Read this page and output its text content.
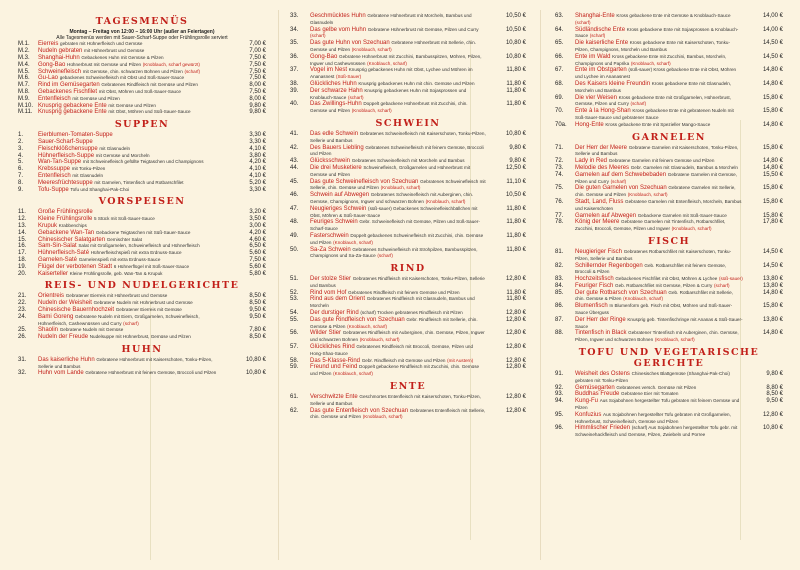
TAGESMENÜS
Montag – Freitag von 12:00 – 16:00 Uhr (außer an Feiertagen)
Alle Tagesmenüs werden mit Sauer-Scharf-Suppe oder Frühlingsrolle serviert
M.1.	Eierreis gebraten mit Hühnerfleisch und Gemüse	7,00 €
M.2.	Nudeln gebraten mit Hühnerbrust und Gemüse	7,00 €
M.3.	Shanghai-Huhn Gebackenes Huhn mit Gemüse & Pilzen	7,50 €
M.4.	Gong-Bao Hühnerbrust mit Gemüse und Pilzen (Knoblauch, scharf gewürzt)	7,50 €
M.5.	Schweinefleisch mit Gemüse, chin. schwarzen Bohnen und Pilzen (scharf)	7,50 €
M.6.	Gu-Lao gebackenes Schweinefleisch mit Obst und Süß-Sauer-Sauce	7,50 €
M.7.	Rind im Gemüsegarten Gebratenes Rindfleisch mit Gemüse und Pilzen	8,00 €
M.8.	Gebackenes Fischfilet mit Obst, Möhren und Süß-Sauer-Sauce	7,50 €
M.9.	Entenfleisch mit Gemüse und Pilzen	8,00 €
M.10. Knusprig gebackene Ente mit Gemüse und Pilzen	9,80 €
M.11. Knusprig gebackene Ente mit Obst, Möhren und Süß-Sauer-Sauce	9,80 €
SUPPEN
1.	Eierblumen-Tomaten-Suppe	3,30 €
2.	Sauer-Scharf-Suppe	3,30 €
3.	Fleischklößchensuppe mit Glasnudeln	4,10 €
4.	Hühnerfleisch-Suppe mit Gemüse und Morcheln	3,80 €
5.	Wan-Tan-Suppe mit Schweinefleisch gefüllte Teigtaschen und Champignons	4,20 €
6.	Krebssuppe mit Tonku-Pilzen	4,10 €
7.	Entenfleisch mit Glasnudeln	4,10 €
8.	Meeresfrüchtesuppe mit Garnelen, Tintenfisch und Rotbarschfilet	5,20 €
9.	Tofu-Suppe Tofu und Shanghai-Pak-Choi	3,30 €
VORSPEISEN
11.	Große Frühlingsrolle	3,20 €
12.	Kleine Frühlingsrolle 5 Stück mit Süß-Sauer-Sauce	3,50 €
13.	Krupuk Krabbenchips	3,00 €
14.	Gebackene Wan-Tan Gebackene Teigtaschen mit Süß-Sauer-Sauce	4,20 €
15.	Chinesischer Salatgarten Gemischter Salat	4,60 €
16.	Sam-Sin-Salat Salat mit Großgarnelen, Schweinefleisch und Hühnerfleisch	6,50 €
17.	Hühnerfleisch-Saté Hühnerfleischspieß mit extra Erdnuss-Sauce	5,60 €
18.	Garnelen-Saté Garnelenspieß mit extra Erdnuss-Sauce	7,50 €
19.	Flügel der verbotenen Stadt 6 Hühnerflügel mit Süß-Sauer-Sauce	5,60 €
20.	Kaiserteller Kleine Frühlingsrolle, geb. Wan-Tan & Krupuk	5,80 €
REIS- UND NUDELGERICHTE
21.	Orientreis Gebratener Eierreis mit Hühnerbrust und Gemüse	8,50 €
22.	Nudeln der Weisheit Gebratene Nudeln mit Hühnerbrust und Gemüse	8,50 €
23.	Chinesische Bauernhochzeit Gebratener Eierreis mit Gemüse	9,50 €
24.	Bami Goreng Gebratene Nudeln mit Eiern, Großgarnelen, Schweinefleisch, Hühnerfleisch, Cashewnüssen und Curry (scharf)
9,50 €
25.	Shaolin Gebratene Nudeln mit Gemüse	7,80 €
26.	Nudeln der Freude Nudelsuppe mit Hühnerbrust, Gemüse und Pilzen	8,50 €
HUHN
31.	Das kaiserliche Huhn Gebratene Hühnerbrust mit Kaiserschoten, Tonku-Pilzen, Sellerie und Bambus
10,80 €
32.	Huhn vom Lande Gebratene Hühnerbrust mit feinem Gemüse, Broccoli und Pilzen	10,80 €
33.	Geschmücktes Huhn Gebratene Hühnerbrust mit Morcheln, Bambus und Glasnudeln
10,50 €
34.	Das gelbe vom Huhn Gebratene Hühnerbrust mit Gemüse, Pilzen und Curry (scharf)
10,50 €
35.	Das gute Huhn von Szechuan Gebratene Hühnerbrust mit Sellerie, chin. Gemüse und Pilzen (Knoblauch, scharf)
10,80 €
36.	Gong-Bao Gebratene Hühnerbrust mit Zucchini, Bambusspitzen, Möhren, Pilzen, Ingwer und Cashewnüssen (Knoblauch, scharf)
10,80 €
37.	Vogel im Nest Knusprig gebackenes Huhn mit Obst, Lychee und Möhren im Ananasnest (Süß-Sauer)
11,80 €
38.	Glückliches Huhn Knusprig gebackenes Huhn mit chin. Gemüse und Pilzen	11,80 €
39.	Der schwarze Hahn Knusprig gebackenes Huhn mit Sojasprossen und Knoblauch-Sauce (scharf)
11,80 €
40.	Das Zwillings-Huhn Doppelt gebackene Hühnerbrust mit Zucchini, chin. Gemüse und Pilzen (Knoblauch, scharf)
11,80 €
SCHWEIN
41.	Das edle Schwein Gebratenes Schweinefleisch mit Kaiserschoten, Tonku-Pilzen, Sellerie und Bambus
10,80 €
42.	Des Bauers Liebling Gebratenes Schweinefleisch mit feinem Gemüse, Broccoli und Pilzen
9,80 €
43.	Glücksschwein Gebratenes Schweinefleisch mit Morcheln und Bambus	9,80 €
44.	Die drei Musketiere Schweinefleisch, Großgarnelen und Hühnerbrust mit Gemüse und Pilzen
12,50 €
45.	Das gute Schweinefleisch von Szechuan Gebratenes Schweinefleisch mit Sellerie, chin. Gemüse und Pilzen (Knoblauch, scharf)
11,10 €
46.	Schwein auf Abwegen Gebratenes Schweinefleisch mit Auberginen, chin. Gemüse, Champignons, Ingwer und schwarzen Bohnen (Knoblauch, scharf)
10,50 €
47.	Neugieriges Schwein (süß-sauer) Gebackenes Schweinefleischbällchen mit Obst, Möhren & Süß-Sauer-Sauce
11,80 €
48.	Feuriges Schwein Gebr. Schweinefleisch mit Gemüse, Pilzen und Süß-Sauer-Scharf-Sauce
11,80 €
49.	Fasterschwein Doppelt gebackenes Schweinefleisch mit Zucchini, chin. Gemüse und Pilzen (Knoblauch, scharf)
11,80 €
50.	Sa-Za Schwein Gebratenes Schweinefleisch mit Strohpilzen, Bambusspitzen, Champignons und Sa-Za-Sauce (scharf)
11,80 €
RIND
51.	Der stolze Stier Gebratenes Rindfleisch mit Kaiserschoten, Tonku-Pilzen, Sellerie und Bambus
12,80 €
52.	Rind vom Hof Gebratenes Rindfleisch mit feinem Gemüse und Pilzen	11,80 €
53.	Rind aus dem Orient Gebratenes Rindfleisch mit Glasnudeln, Bambus und Morcheln
11,80 €
54.	Der durstiger Rind (scharf) Trocken gebratenes Rindfleisch mit Pilzen	12,80 €
55.	Das gute Rindfleisch von Szechuan Gebr. Rindfleisch mit Sellerie, chin. Gemüse & Pilzen (Knoblauch, scharf)
12,80 €
56.	Wilder Stier Gebratenes Rindfleisch mit Auberginen, chin. Gemüse, Pilzen, Ingwer und schwarzen Bohnen (Knoblauch, scharf)
12,80 €
57.	Glückliches Rind Gebratenes Rindfleisch mit Broccoli, Gemüse, Pilzen und Hong-Shao-Sauce
12,80 €
58.	Das 5-Klasse-Rind Gebr. Rindfleisch mit Gemüse und Pilzen (mit Austern)	12,80 €
59.	Freund und Feind Doppelt gebackene Rindfleisch mit Zucchini, chin. Gemüse und Pilzen (Knoblauch, scharf)
12,80 €
ENTE
61.	Verschwitzte Ente Geschmortes Entenfleisch mit Kaiserschoten, Tonku-Pilzen, Sellerie und Bambus
12,80 €
62.	Das gute Entenfleisch von Szechuan Gebratenes Entenfleisch mit Sellerie, chin. Gemüse und Pilzen (Knoblauch, scharf)
12,80 €
63.	Shanghai-Ente Kross gebackene Ente mit Gemüse & Knoblauch-Sauce (scharf)
14,00 €
64.	Südländische Ente Kross gebackene Ente mit Sojasprossen & Knoblauch-Sauce (scharf)
14,00 €
65.	Die kaiserliche Ente Kross gebackene Ente mit Kaiserschoten, Tonku-Pilzen, Champignons, Morcheln und Bambus
14,50 €
66.	Ente im Wald Kross gebackene Ente mit Zucchini, Bambus, Morcheln, Champignons und Paprika (Knoblauch, scharf)
14,50 €
67.	Ente im Obstgarten (süß-sauer) Kross gebackene Ente mit Obst, Möhren und Lychee im Ananasnest
14,80 €
68.	Des Kaisers kleine Freundin Kross gebackene Ente mit Glasnudeln, Morcheln und Bambus
14,80 €
69.	Die vier Weisen Kross gebackene Ente mit Großgarnelen, Hühnerbrust, Gemüse, Pilzen und Curry (scharf)
15,80 €
70.	Ente à la Hong-Shan Kross gebackene Ente mit gebratenen Nudeln mit Süß-Sauer-Sauce und gebratener Sauce
15,80 €
70a.	Hong-Ente Kross gebackene Ente mit Spezieller Mango-Sauce	14,80 €
GARNELEN
71.	Der Herr der Meere Gebratene Garnelen mit Kaiserschoten, Tonku-Pilzen, Sellerie und Bambus
15,80 €
72.	Lady in Red Gebratene Garnelen mit feinem Gemüse und Pilzen	14,80 €
73.	Melodie des Meeres Gebr. Garnelen mit Glasnudeln, Bambus & Morcheln	14,80 €
74.	Garnelen auf dem Schwebebaden Gebratene Garnelen mit Gemüse, Pilzen und Curry (scharf)
15,50 €
75.	Die guten Garnelen von Szechuan Gebratene Garnelen mit Sellerie, chin. Gemüse und Pilzen (Knoblauch, scharf)
15,80 €
76.	Stadt, Land, Fluss Gebratene Garnelen mit Entenfleisch, Morcheln, Bambus und Kaiserschoten
15,80 €
77.	Garnelen auf Abwegen Gebackene Garnelen mit Süß-Sauer-Sauce	15,80 €
78.	König der Meere Gebratene Garnelen mit Tintenfisch, Rotbarschfilet, Zucchini, Broccoli, Gemüse, Pilzen und Ingwer (Knoblauch, scharf)
17,80 €
FISCH
81.	Neugieriger Fisch Gebratenes Rotbarschfilet mit Kaiserschoten, Tonku-Pilzen, Sellerie und Bambus
14,50 €
82.	Schillernder Regenbogen Geb. Rotbarschfilet mit feinem Gemüse, Broccoli & Pilzen
14,50 €
83.	Hochzeitsfisch Gebackenes Fischfilet mit Obst, Möhren & Lychee (süß-sauer)	13,80 €
84.	Feuriger Fisch Geb. Rotbarschfilet mit Gemüse, Pilzen & Curry (scharf)	13,80 €
85.	Der gute Rotbarsch von Szechuan Geb. Rotbarschfilet mit Sellerie, chin. Gemüse & Pilzen (Knoblauch, scharf)
14,80 €
86.	Blumenfisch In Blumenform geb. Fisch mit Obst, Möhren und Süß-Sauer-Sauce Überguss
15,80 €
87.	Der Herr der Ringe Knusprig geb. Tintenfischringe mit Ananas & Süß-Sauer-Sauce
13,80 €
88.	Tintenfisch in Black Gebratener Tintenfisch mit Auberginen, chin. Gemüse, Pilzen, Ingwer und schwarzen Bohnen (Knoblauch, scharf)
14,80 €
TOFU UND VEGETARISCHE GERICHTE
91.	Weisheit des Ostens Chinesisches Blattgemüse (Shanghai-Pak-Choi) gebraten mit Tonku-Pilzen
9,80 €
92.	Gemüsegarten Gebratenes versch. Gemüse mit Pilzen	8,80 €
93.	Buddhas Freude Gebratene Eier mit Tomaten	8,50 €
94.	Kung-Fu Aus Sojabohnen hergestellter Tofu gebraten mit feinem Gemüse und Pilzen
9,50 €
95.	Konfuzius Aus Sojabohnen hergestellter Tofu gebraten mit Großgarnelen, Hühnerbrust, Schweinefleisch, Gemüse und Pilzen
12,80 €
96.	Himmlischer Frieden (scharf) Aus Sojabohnen hergestellter Tofu gebr. mit Schweinehackfleisch und Gemüse, Pilzen, Zwiebeln und Porree
10,80 €
